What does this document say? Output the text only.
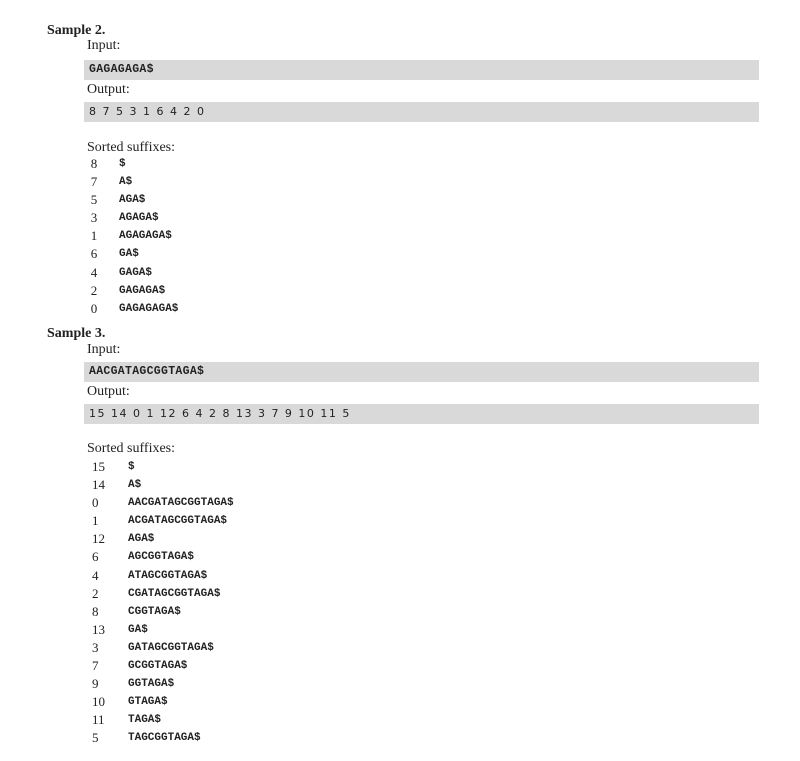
Sample 2.
Input:
GAGAGAGA$
Output:
8 7 5 3 1 6 4 2 0
Sorted suffixes:
8	$
7	A$
5	AGA$
3	AGAGA$
1	AGAGAGA$
6	GA$
4	GAGA$
2	GAGAGA$
0	GAGAGAGA$
Sample 3.
Input:
AACGATAGCGGTAGA$
Output:
15 14 0 1 12 6 4 2 8 13 3 7 9 10 11 5
Sorted suffixes:
15	$
14	A$
0	AACGATAGCGGTAGA$
1	ACGATAGCGGTAGA$
12	AGA$
6	AGCGGTAGA$
4	ATAGCGGTAGA$
2	CGATAGCGGTAGA$
8	CGGTAGA$
13	GA$
3	GATAGCGGTAGA$
7	GCGGTAGA$
9	GGTAGA$
10	GTAGA$
11	TAGA$
5	TAGCGGTAGA$
